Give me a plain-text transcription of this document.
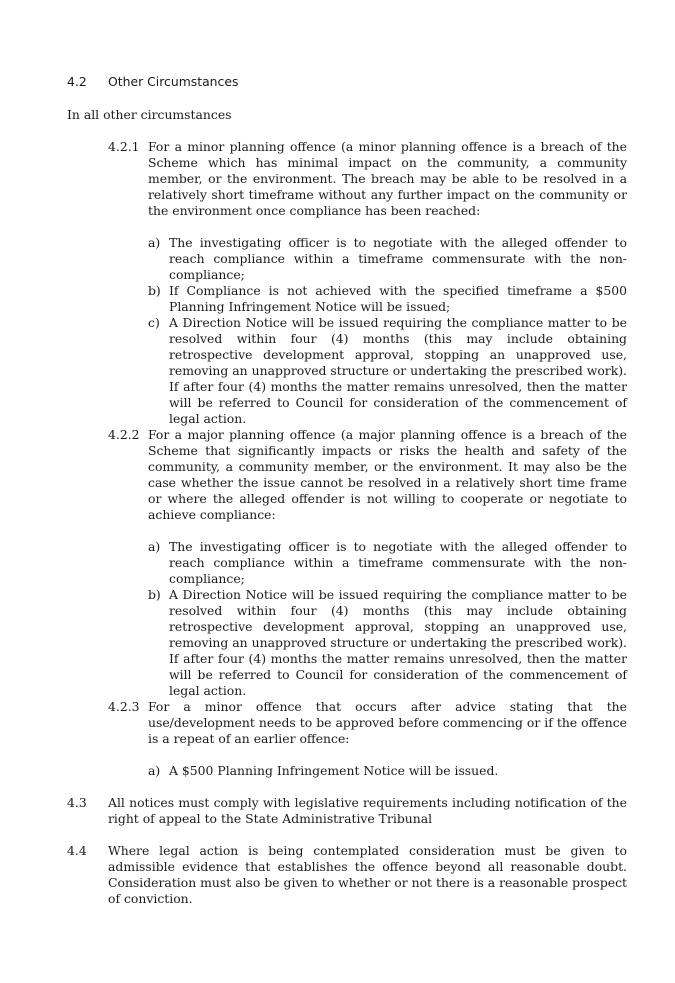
4.2 Other Circumstances
In all other circumstances
4.2.1 For a minor planning offence (a minor planning offence is a breach of the Scheme which has minimal impact on the community, a community member, or the environment. The breach may be able to be resolved in a relatively short timeframe without any further impact on the community or the environment once compliance has been reached:
a) The investigating officer is to negotiate with the alleged offender to reach compliance within a timeframe commensurate with the non-compliance;
b) If Compliance is not achieved with the specified timeframe a $500 Planning Infringement Notice will be issued;
c) A Direction Notice will be issued requiring the compliance matter to be resolved within four (4) months (this may include obtaining retrospective development approval, stopping an unapproved use, removing an unapproved structure or undertaking the prescribed work). If after four (4) months the matter remains unresolved, then the matter will be referred to Council for consideration of the commencement of legal action.
4.2.2 For a major planning offence (a major planning offence is a breach of the Scheme that significantly impacts or risks the health and safety of the community, a community member, or the environment. It may also be the case whether the issue cannot be resolved in a relatively short time frame or where the alleged offender is not willing to cooperate or negotiate to achieve compliance:
a) The investigating officer is to negotiate with the alleged offender to reach compliance within a timeframe commensurate with the non-compliance;
b) A Direction Notice will be issued requiring the compliance matter to be resolved within four (4) months (this may include obtaining retrospective development approval, stopping an unapproved use, removing an unapproved structure or undertaking the prescribed work). If after four (4) months the matter remains unresolved, then the matter will be referred to Council for consideration of the commencement of legal action.
4.2.3 For a minor offence that occurs after advice stating that the use/development needs to be approved before commencing or if the offence is a repeat of an earlier offence:
a) A $500 Planning Infringement Notice will be issued.
4.3 All notices must comply with legislative requirements including notification of the right of appeal to the State Administrative Tribunal
4.4 Where legal action is being contemplated consideration must be given to admissible evidence that establishes the offence beyond all reasonable doubt. Consideration must also be given to whether or not there is a reasonable prospect of conviction.
